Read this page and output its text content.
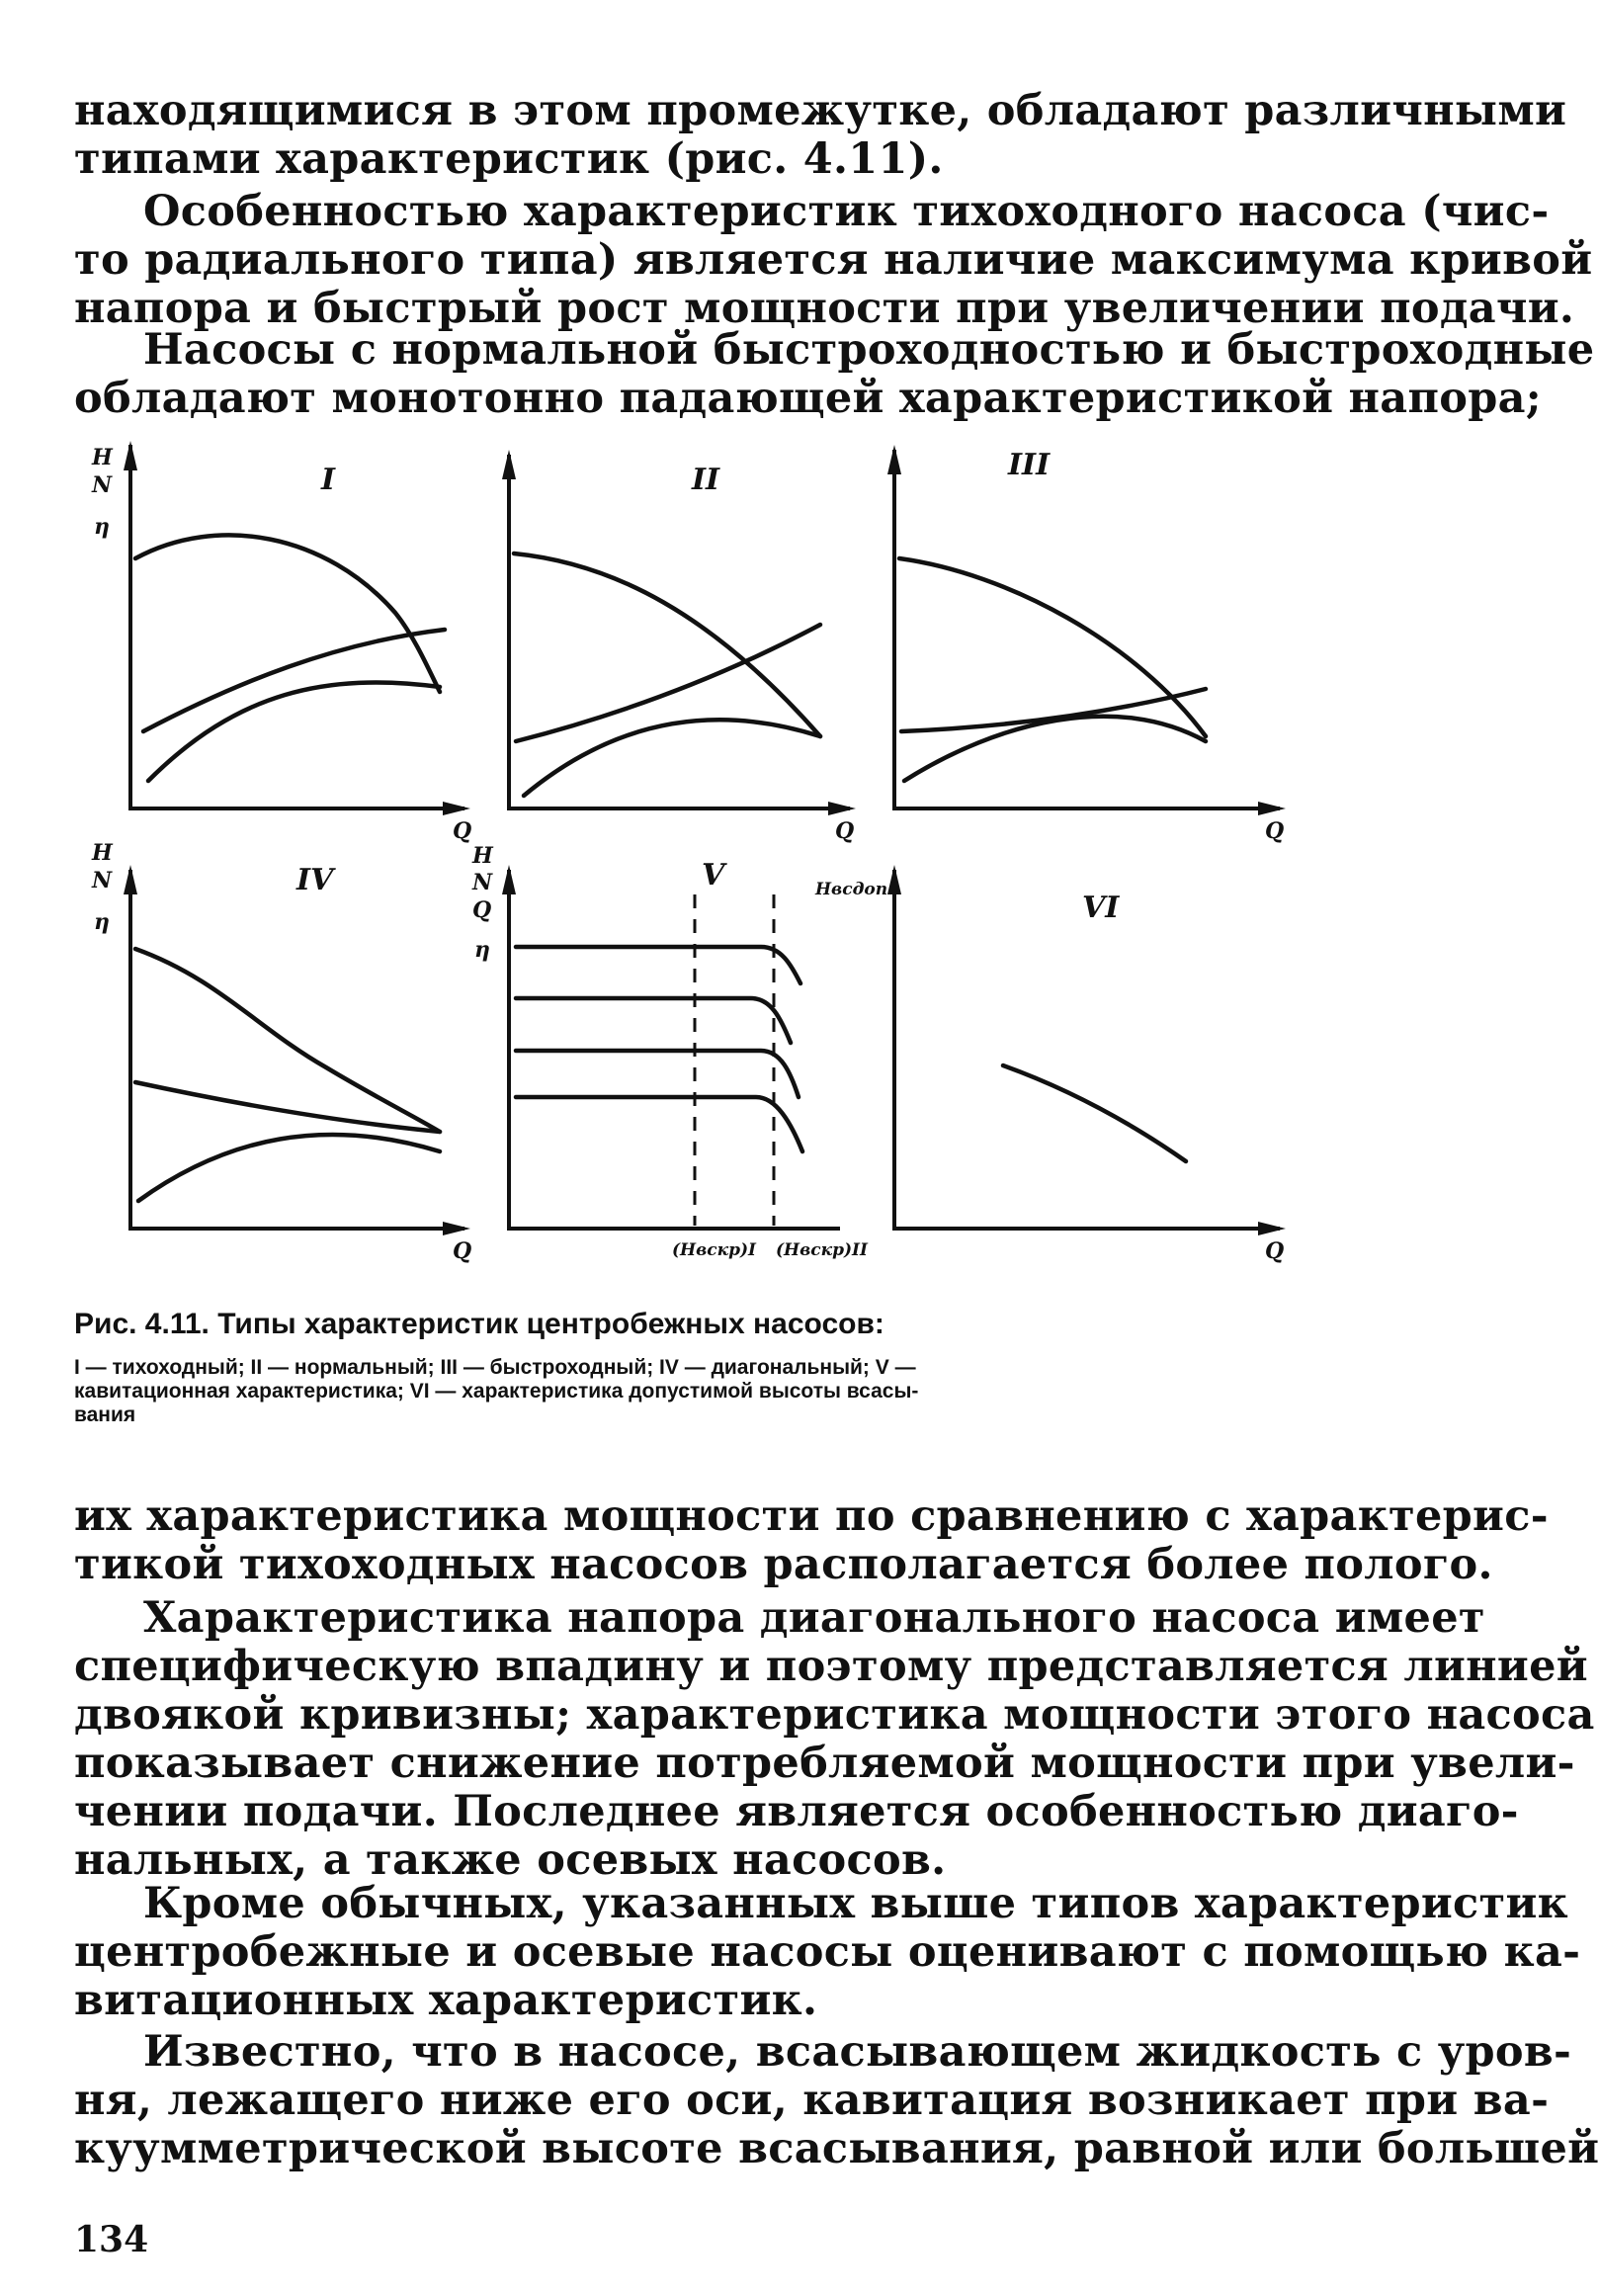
находящимися в этом промежутке, обладают различными
типами характеристик (рис. 4.11).
Особенностью характеристик тихоходного насоса (чис-
то радиального типа) является наличие максимума кривой
напора и быстрый рост мощности при увеличении подачи.
Насосы с нормальной быстроходностью и быстроходные
обладают монотонно падающей характеристикой напора;
H
N
η
I
Q
II
Q
III
Q
H
N
η
IV
Q
H
N
Q
η
V
(Hвскр)I (Hвскр)II
Hвсдоп
VI
Q
Рис. 4.11. Типы характеристик центробежных насосов:
I — тихоходный; II — нормальный; III — быстроходный; IV — диагональный; V —
кавитационная характеристика; VI — характеристика допустимой высоты всасы-
вания
их характеристика мощности по сравнению с характерис-
тикой тихоходных насосов располагается более полого.
Характеристика напора диагонального насоса имеет
специфическую впадину и поэтому представляется линией
двоякой кривизны; характеристика мощности этого насоса
показывает снижение потребляемой мощности при увели-
чении подачи. Последнее является особенностью диаго-
нальных, а также осевых насосов.
Кроме обычных, указанных выше типов характеристик
центробежные и осевые насосы оценивают с помощью ка-
витационных характеристик.
Известно, что в насосе, всасывающем жидкость с уров-
ня, лежащего ниже его оси, кавитация возникает при ва-
куумметрической высоте всасывания, равной или большей
134
